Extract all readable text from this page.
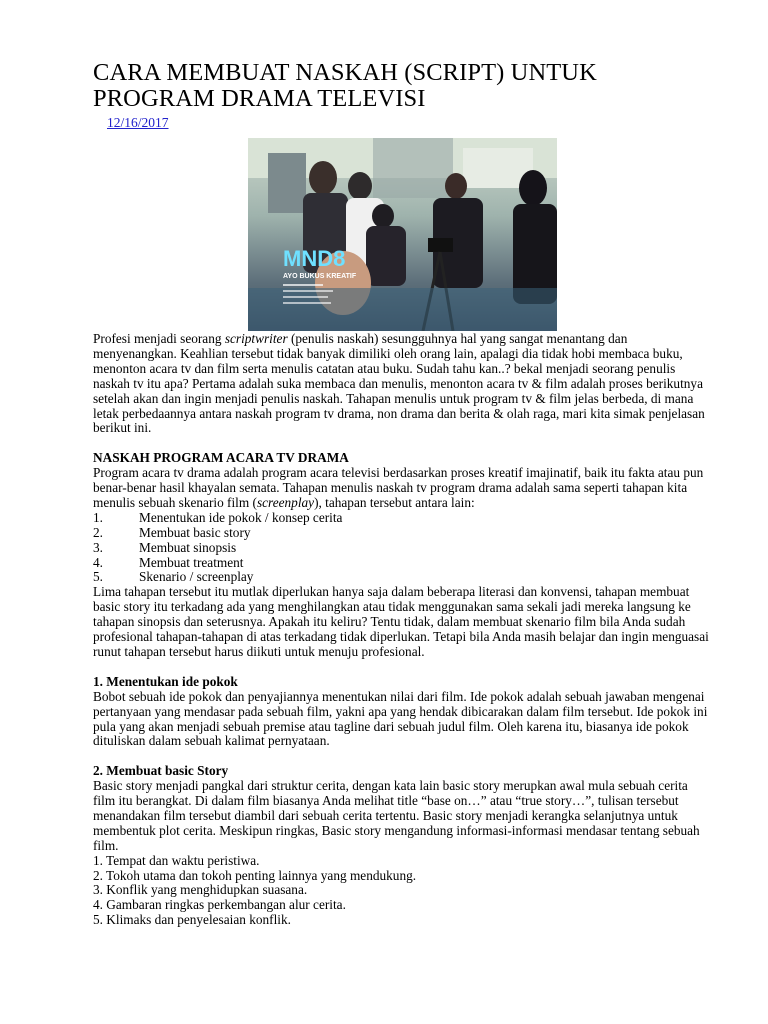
CARA MEMBUAT NASKAH (SCRIPT) UNTUK
PROGRAM DRAMA TELEVISI
12/16/2017
MND8
AYO BUKUS KREATIF

Profesi menjadi seorang scriptwriter (penulis naskah) sesungguhnya hal yang sangat menantang dan menyenangkan. Keahlian tersebut tidak banyak dimiliki oleh orang lain, apalagi dia tidak hobi membaca buku, menonton acara tv dan film serta menulis catatan atau buku. Sudah tahu kan..? bekal menjadi seorang penulis naskah tv itu apa? Pertama adalah suka membaca dan menulis, menonton acara tv & film adalah proses berikutnya setelah akan dan ingin menjadi penulis naskah. Tahapan menulis untuk program tv & film jelas berbeda, di mana letak perbedaannya antara naskah program tv drama, non drama dan berita & olah raga, mari kita simak penjelasan berikut ini.

NASKAH PROGRAM ACARA TV DRAMA

Program acara tv drama adalah program acara televisi berdasarkan proses kreatif imajinatif, baik itu fakta atau pun benar-benar hasil khayalan semata. Tahapan menulis naskah tv program drama adalah sama seperti tahapan kita menulis sebuah skenario film (screenplay), tahapan tersebut antara lain:

1.	Menentukan ide pokok / konsep cerita
2.	Membuat basic story
3.	Membuat sinopsis
4.	Membuat treatment
5.	Skenario / screenplay

Lima tahapan tersebut itu mutlak diperlukan hanya saja dalam beberapa literasi dan konvensi, tahapan membuat basic story itu terkadang ada yang menghilangkan atau tidak menggunakan sama sekali jadi mereka langsung ke tahapan sinopsis dan seterusnya. Apakah itu keliru? Tentu tidak, dalam membuat skenario film bila Anda sudah profesional tahapan-tahapan di atas terkadang tidak diperlukan. Tetapi bila Anda masih belajar dan ingin menguasai runut tahapan tersebut harus diikuti untuk menuju profesional.

1. Menentukan ide pokok

Bobot sebuah ide pokok dan penyajiannya menentukan nilai dari film. Ide pokok adalah sebuah jawaban mengenai pertanyaan yang mendasar pada sebuah film, yakni apa yang hendak dibicarakan dalam film tersebut. Ide pokok ini pula yang akan menjadi sebuah premise atau tagline dari sebuah judul film. Oleh karena itu, biasanya ide pokok dituliskan dalam sebuah kalimat pernyataan.

2. Membuat basic Story

Basic story menjadi pangkal dari struktur cerita, dengan kata lain basic story merupkan awal mula sebuah cerita film itu berangkat. Di dalam film biasanya Anda melihat title “base on…” atau “true story…”, tulisan tersebut menandakan film tersebut diambil dari sebuah cerita tertentu. Basic story menjadi kerangka selanjutnya untuk membentuk plot cerita. Meskipun ringkas, Basic story mengandung informasi-informasi mendasar tentang sebuah film.

1. Tempat dan waktu peristiwa.

2. Tokoh utama dan tokoh penting lainnya yang mendukung.

3. Konflik yang menghidupkan suasana.

4. Gambaran ringkas perkembangan alur cerita.

5. Klimaks dan penyelesaian konflik.
